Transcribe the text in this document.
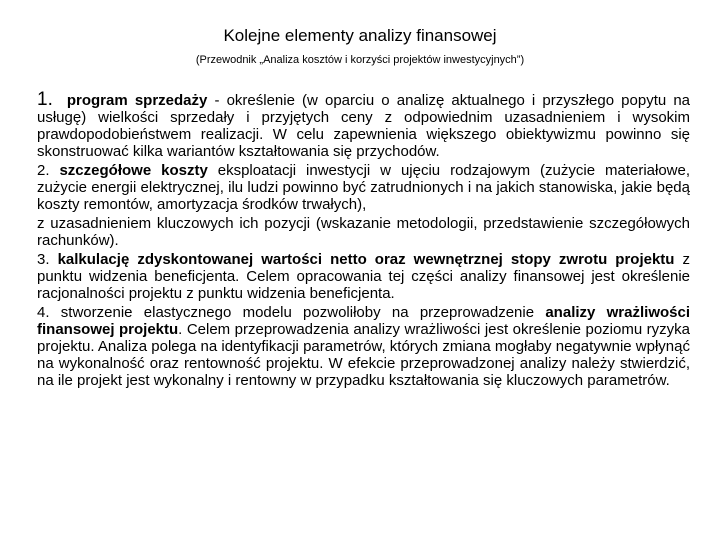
Kolejne elementy analizy finansowej
(Przewodnik „Analiza kosztów i korzyści projektów inwestycyjnych”)

1. program sprzedaży - określenie (w oparciu o analizę aktualnego i przyszłego popytu na usługę) wielkości sprzedały i przyjętych ceny z odpowiednim uzasadnieniem i wysokim prawdopodobieństwem realizacji. W celu zapewnienia większego obiektywizmu powinno się skonstruować kilka wariantów kształtowania się przychodów.

2. szczegółowe koszty eksploatacji inwestycji w ujęciu rodzajowym (zużycie materiałowe, zużycie energii elektrycznej, ilu ludzi powinno być zatrudnionych i na jakich stanowiska, jakie będą koszty remontów, amortyzacja środków trwałych),

z uzasadnieniem kluczowych ich pozycji (wskazanie metodologii, przedstawienie szczegółowych rachunków).

3. kalkulację zdyskontowanej wartości netto oraz wewnętrznej stopy zwrotu projektu z punktu widzenia beneficjenta. Celem opracowania tej części analizy finansowej jest określenie racjonalności projektu z punktu widzenia beneficjenta.

4. stworzenie elastycznego modelu pozwoliłoby na przeprowadzenie analizy wrażliwości finansowej projektu. Celem przeprowadzenia analizy wrażliwości jest określenie poziomu ryzyka projektu. Analiza polega na identyfikacji parametrów, których zmiana mogłaby negatywnie wpłynąć na wykonalność oraz rentowność projektu. W efekcie przeprowadzonej analizy należy stwierdzić, na ile projekt jest wykonalny i rentowny w przypadku kształtowania się kluczowych parametrów.
